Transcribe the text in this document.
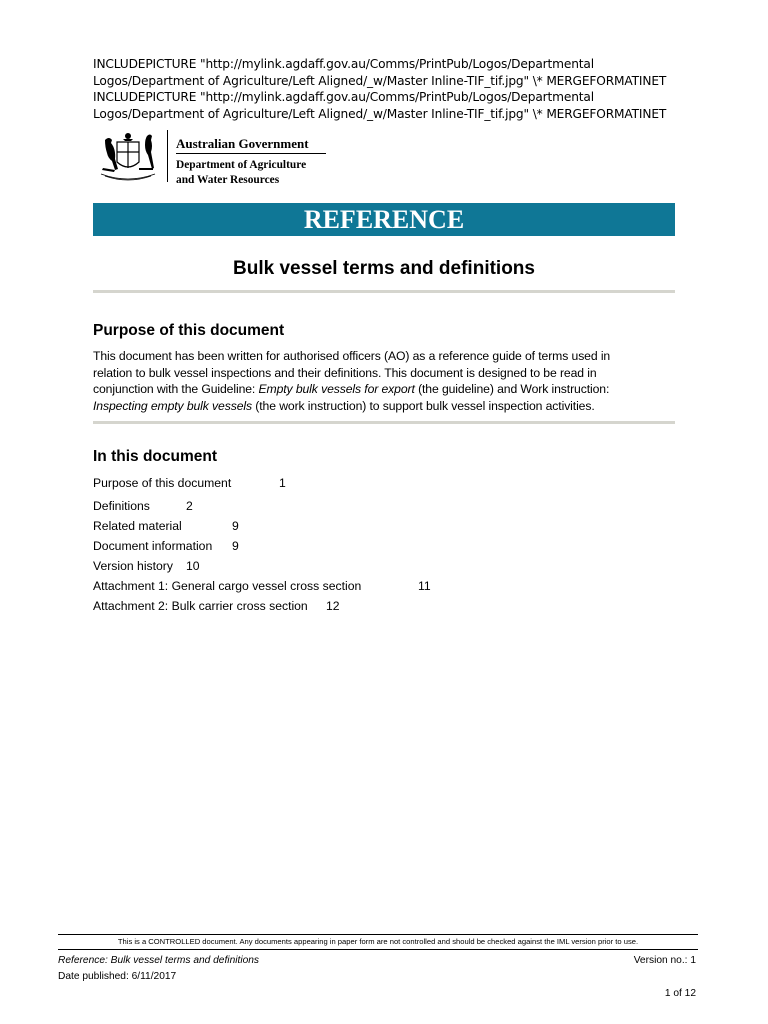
INCLUDEPICTURE "http://mylink.agdaff.gov.au/Comms/PrintPub/Logos/Departmental
Logos/Department of Agriculture/Left Aligned/_w/Master Inline-TIF_tif.jpg" \* MERGEFORMATINET
INCLUDEPICTURE "http://mylink.agdaff.gov.au/Comms/PrintPub/Logos/Departmental
Logos/Department of Agriculture/Left Aligned/_w/Master Inline-TIF_tif.jpg" \* MERGEFORMATINET
Australian Government
Department of Agriculture
and Water Resources
REFERENCE
Bulk vessel terms and definitions
Purpose of this document
This document has been written for authorised officers (AO) as a reference guide of terms used in
relation to bulk vessel inspections and their definitions. This document is designed to be read in
conjunction with the Guideline: Empty bulk vessels for export (the guideline) and Work instruction:
Inspecting empty bulk vessels (the work instruction) to support bulk vessel inspection activities.
In this document
Purpose of this document	1
Definitions	2
Related material	9
Document information 9
Version history 10
Attachment 1: General cargo vessel cross section	11
Attachment 2: Bulk carrier cross section 12
This is a CONTROLLED document. Any documents appearing in paper form are not controlled and should be checked against the IML version prior to use.
Reference: Bulk vessel terms and definitions	Version no.: 1
Date published: 6/11/2017
1 of 12
